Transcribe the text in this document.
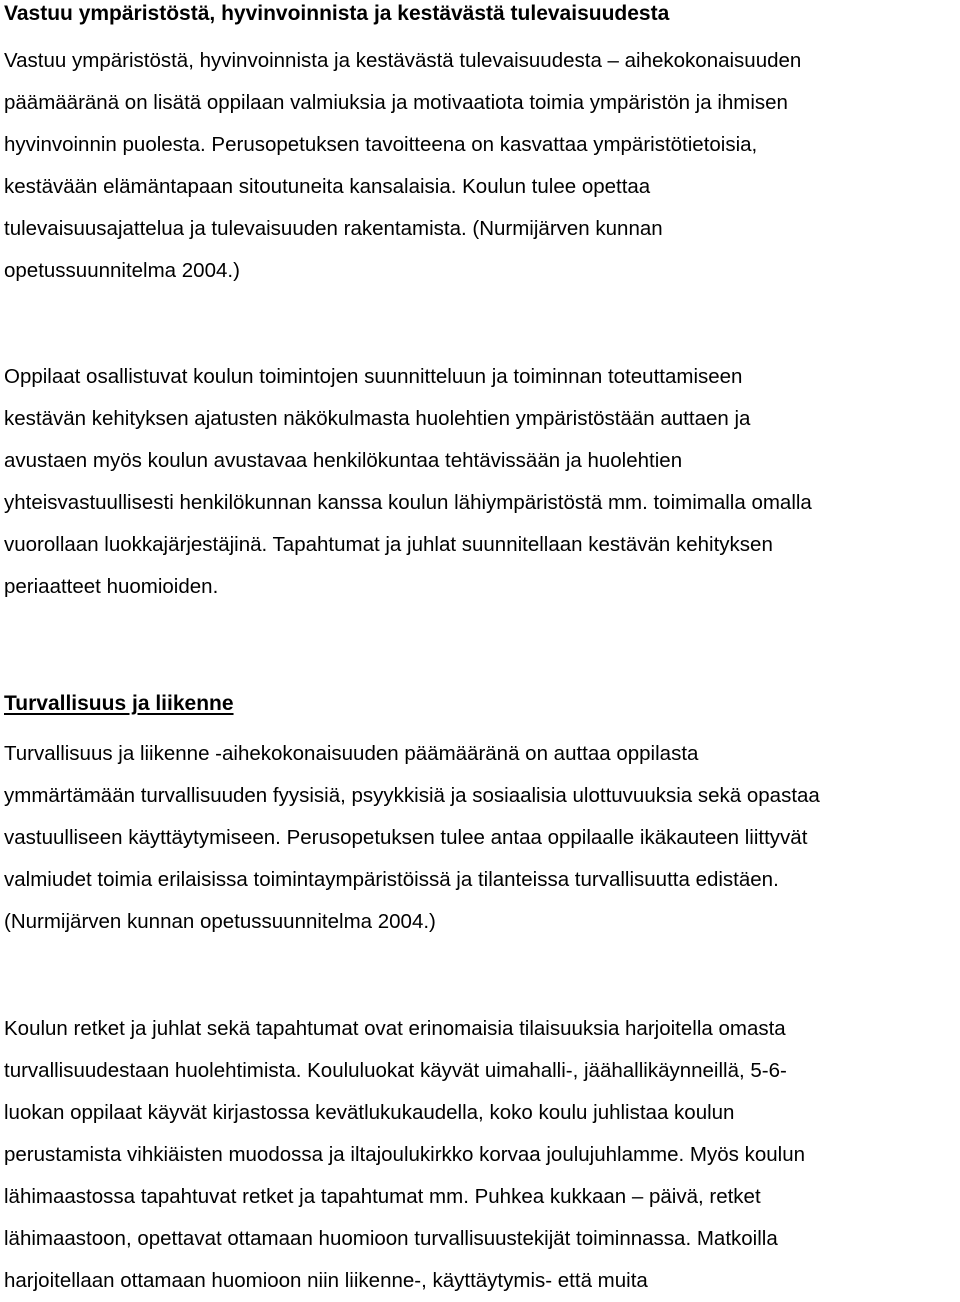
Vastuu ympäristöstä, hyvinvoinnista ja kestävästä tulevaisuudesta

Vastuu ympäristöstä, hyvinvoinnista ja kestävästä tulevaisuudesta – aihekokonaisuuden
päämääränä on lisätä oppilaan valmiuksia ja motivaatiota toimia ympäristön ja ihmisen
hyvinvoinnin puolesta. Perusopetuksen tavoitteena on kasvattaa ympäristötietoisia,
kestävään elämäntapaan sitoutuneita kansalaisia. Koulun tulee opettaa
tulevaisuusajattelua ja tulevaisuuden rakentamista. (Nurmijärven kunnan
opetussuunnitelma 2004.)

Oppilaat osallistuvat koulun toimintojen suunnitteluun ja toiminnan toteuttamiseen
kestävän kehityksen ajatusten näkökulmasta huolehtien ympäristöstään auttaen ja
avustaen myös koulun avustavaa henkilökuntaa tehtävissään ja huolehtien
yhteisvastuullisesti henkilökunnan kanssa koulun lähiympäristöstä mm. toimimalla omalla
vuorollaan luokkajärjestäjinä. Tapahtumat ja juhlat suunnitellaan kestävän kehityksen
periaatteet huomioiden.

Turvallisuus ja liikenne

Turvallisuus ja liikenne -aihekokonaisuuden päämääränä on auttaa oppilasta
ymmärtämään turvallisuuden fyysisiä, psyykkisiä ja sosiaalisia ulottuvuuksia sekä opastaa
vastuulliseen käyttäytymiseen. Perusopetuksen tulee antaa oppilaalle ikäkauteen liittyvät
valmiudet toimia erilaisissa toimintaympäristöissä ja tilanteissa turvallisuutta edistäen.
(Nurmijärven kunnan opetussuunnitelma 2004.)

Koulun retket ja juhlat sekä tapahtumat ovat erinomaisia tilaisuuksia harjoitella omasta
turvallisuudestaan huolehtimista. Koululuokat käyvät uimahalli-, jäähallikäynneillä, 5-6-
luokan oppilaat käyvät kirjastossa kevätlukukaudella, koko koulu juhlistaa koulun
perustamista vihkiäisten muodossa ja iltajoulukirkko korvaa joulujuhlamme. Myös koulun
lähimaastossa tapahtuvat retket ja tapahtumat mm. Puhkea kukkaan – päivä, retket
lähimaastoon, opettavat ottamaan huomioon turvallisuustekijät toiminnassa. Matkoilla
harjoitellaan ottamaan huomioon niin liikenne-, käyttäytymis- että muita
